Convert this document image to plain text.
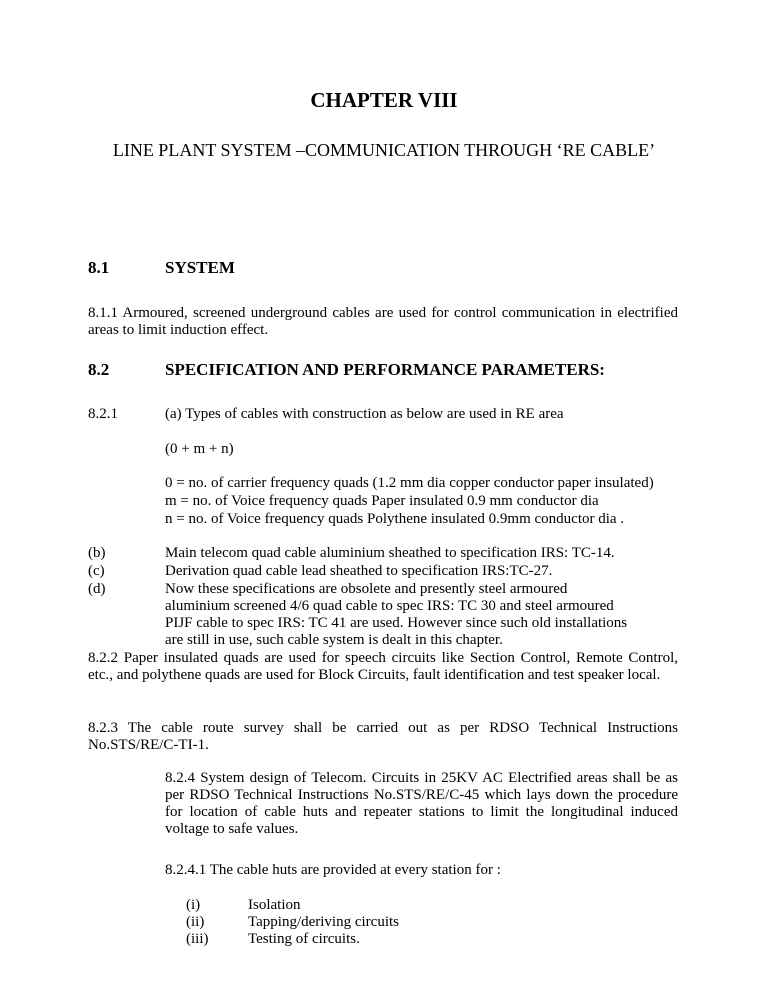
CHAPTER VIII
LINE PLANT SYSTEM –COMMUNICATION THROUGH ‘RE CABLE’
8.1	SYSTEM
8.1.1 Armoured, screened underground cables are used for control communication in electrified areas to limit induction effect.
8.2	SPECIFICATION AND PERFORMANCE PARAMETERS:
8.2.1	(a) Types of cables with construction as below are used in RE area
(0 + m + n)
0 = no. of carrier frequency quads (1.2 mm dia copper conductor paper insulated)
m = no. of Voice frequency quads Paper insulated 0.9 mm conductor dia
n = no. of Voice frequency quads Polythene insulated 0.9mm conductor dia .
(b)	Main telecom quad cable aluminium sheathed to specification IRS: TC-14.
(c)	Derivation quad cable lead sheathed to specification IRS:TC-27.
(d)	Now these specifications are obsolete and presently steel armoured aluminium screened 4/6 quad cable to spec IRS: TC 30 and steel armoured PIJF cable to spec IRS: TC 41 are used. However since such old installations are still in use, such cable system is dealt in this chapter.
8.2.2 Paper insulated quads are used for speech circuits like Section Control, Remote Control, etc., and polythene quads are used for Block Circuits, fault identification and test speaker local.
8.2.3 The cable route survey shall be carried out as per RDSO Technical Instructions No.STS/RE/C-TI-1.
8.2.4 System design of Telecom. Circuits in 25KV AC Electrified areas shall be as per RDSO Technical Instructions No.STS/RE/C-45 which lays down the procedure for location of cable huts and repeater stations to limit the longitudinal induced voltage to safe values.
8.2.4.1 The cable huts are provided at every station for :
(i)	Isolation
(ii)	Tapping/deriving circuits
(iii)	Testing of circuits.
